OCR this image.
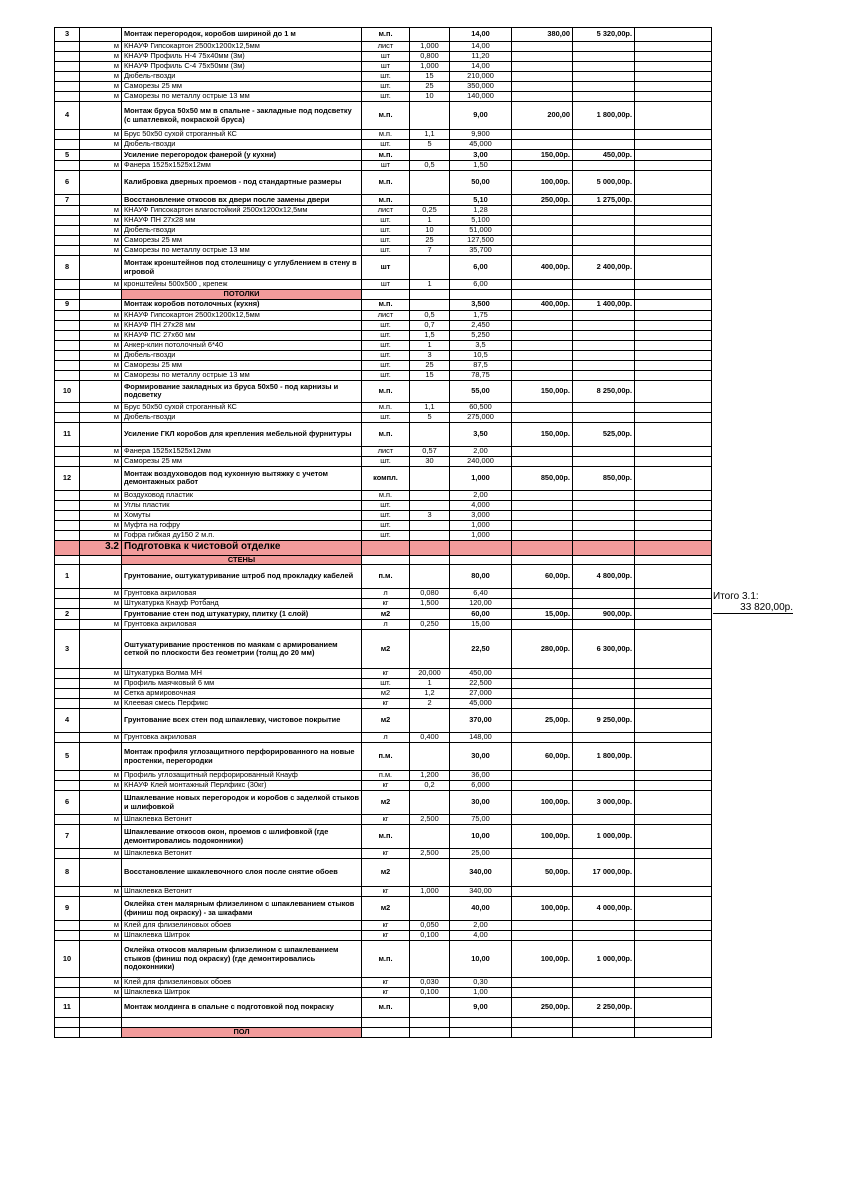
3		Монтаж перегородок, коробов шириной до 1 м	м.п.		14,00	380,00	5 320,00р.	
	м	КНАУФ Гипсокартон 2500х1200х12,5мм	лист	1,000	14,00			
	м	КНАУФ Профиль Н-4 75х40мм (3м)	шт	0,800	11,20			
	м	КНАУФ Профиль С-4 75х50мм (3м)	шт	1,000	14,00			
	м	Дюбель-гвозди	шт.	15	210,000			
	м	Саморезы 25 мм	шт.	25	350,000			
	м	Саморезы по металлу острые 13 мм	шт.	10	140,000			
4		Монтаж бруса 50х50 мм в спальне - закладные под подсветку (с шпатлевкой, покраской бруса)	м.п.		9,00	200,00	1 800,00р.	
	м	Брус 50х50 сухой строганный КС	м.п.	1,1	9,900			
	м	Дюбель-гвозди	шт.	5	45,000			
5		Усиление перегородок фанерой (у кухни)	м.п.		3,00	150,00р.	450,00р.	
	м	Фанера 1525х1525х12мм	шт	0,5	1,50			
6		Калибровка дверных проемов - под стандартные размеры	м.п.		50,00	100,00р.	5 000,00р.	
7		Восстановление откосов вх двери после замены двери	м.п.		5,10	250,00р.	1 275,00р.	
	м	КНАУФ Гипсокартон влагостойкий 2500х1200х12,5мм	лист	0,25	1,28			
	м	КНАУФ ПН 27х28 мм	шт.	1	5,100			
	м	Дюбель-гвозди	шт.	10	51,000			
	м	Саморезы 25 мм	шт.	25	127,500			
	м	Саморезы по металлу острые 13 мм	шт.	7	35,700			
8		Монтаж кронштейнов под столешницу с углублением в стену в игровой	шт		6,00	400,00р.	2 400,00р.	
	м	кронштейны 500х500 , крепеж	шт	1	6,00			
		ПОТОЛКИ						
9		Монтаж коробов потолочных (кухня)	м.п.		3,500	400,00р.	1 400,00р.	
	м	КНАУФ Гипсокартон 2500х1200х12,5мм	лист	0,5	1,75			
	м	КНАУФ ПН 27х28 мм	шт.	0,7	2,450			
	м	КНАУФ ПС 27х60 мм	шт.	1,5	5,250			
	м	Анкер-клин потолочный 6*40	шт.	1	3,5			
	м	Дюбель-гвозди	шт.	3	10,5			
	м	Саморезы 25 мм	шт.	25	87,5			
	м	Саморезы по металлу острые 13 мм	шт.	15	78,75			
10		Формирование закладных из бруса 50х50 - под карнизы и подсветку	м.п.		55,00	150,00р.	8 250,00р.	
	м	Брус 50х50 сухой строганный КС	м.п.	1,1	60,500			
	м	Дюбель-гвозди	шт.	5	275,000			
11		Усиление ГКЛ коробов для крепления мебельной фурнитуры	м.п.		3,50	150,00р.	525,00р.	
	м	Фанера 1525х1525х12мм	лист	0,57	2,00			
	м	Саморезы 25 мм	шт.	30	240,000			
12		Монтаж воздуховодов под кухонную вытяжку с учетом демонтажных работ	компл.		1,000	850,00р.	850,00р.	
	м	Воздуховод пластик	м.п.		2,00			
	м	Углы пластик	шт.		4,000			
	м	Хомуты	шт.	3	3,000			
	м	Муфта на гофру	шт.		1,000			
	м	Гофра гибкая ду150 2 м.п.	шт.		1,000			
	3.2	Подготовка к чистовой отделке						
		СТЕНЫ						
1		Грунтование, оштукатуривание штроб под прокладку кабелей	п.м.		80,00	60,00р.	4 800,00р.	
	м	Грунтовка акриловая	л	0,080	6,40			
	м	Штукатурка Кнауф Ротбанд	кг	1,500	120,00			
2		Грунтование стен под штукатурку, плитку (1 слой)	м2		60,00	15,00р.	900,00р.	
	м	Грунтовка акриловая	л	0,250	15,00			
3		Оштукатуривание простенков по маякам с армированием сеткой по плоскости без геометрии (толщ до 20 мм)	м2		22,50	280,00р.	6 300,00р.	
	м	Штукатурка Волма МН	кг	20,000	450,00			
	м	Профиль маячковый 6 мм	шт.	1	22,500			
	м	Сетка армировочная	м2	1,2	27,000			
	м	Клеевая смесь Перфикс	кг	2	45,000			
4		Грунтование всех стен под шпаклевку, чистовое покрытие	м2		370,00	25,00р.	9 250,00р.	
	м	Грунтовка акриловая	л	0,400	148,00			
5		Монтаж профиля углозащитного перфорированного на новые простенки, перегородки	п.м.		30,00	60,00р.	1 800,00р.	
	м	Профиль углозащитный перфорированный Кнауф	п.м.	1,200	36,00			
	м	КНАУФ Клей монтажный Перлфикс (30кг)	кг	0,2	6,000			
6		Шпаклевание новых перегородок и коробов с заделкой стыков и шлифовкой	м2		30,00	100,00р.	3 000,00р.	
	м	Шпаклевка Ветонит	кг	2,500	75,00			
7		Шпаклевание откосов окон, проемов с шлифовкой (где демонтировались подоконники)	м.п.		10,00	100,00р.	1 000,00р.	
	м	Шпаклевка Ветонит	кг	2,500	25,00			
8		Восстановление шкаклевочного слоя после снятие обоев	м2		340,00	50,00р.	17 000,00р.	
	м	Шпаклевка Ветонит	кг	1,000	340,00			
9		Оклейка стен малярным флизелином с шпаклеванием стыков (финиш под окраску) - за шкафами	м2		40,00	100,00р.	4 000,00р.	
	м	Клей для флизелиновых обоев	кг	0,050	2,00			
	м	Шпаклевка Шитрок	кг	0,100	4,00			
10		Оклейка откосов малярным флизелином с шпаклеванием стыков (финиш под окраску) (где демонтировались подоконники)	м.п.		10,00	100,00р.	1 000,00р.	
	м	Клей для флизелиновых обоев	кг	0,030	0,30			
	м	Шпаклевка Шитрок	кг	0,100	1,00			
11		Монтаж молдинга в спальне с подготовкой под покраску	м.п.		9,00	250,00р.	2 250,00р.	

		ПОЛ						
Итого 3.1:
33 820,00р.
